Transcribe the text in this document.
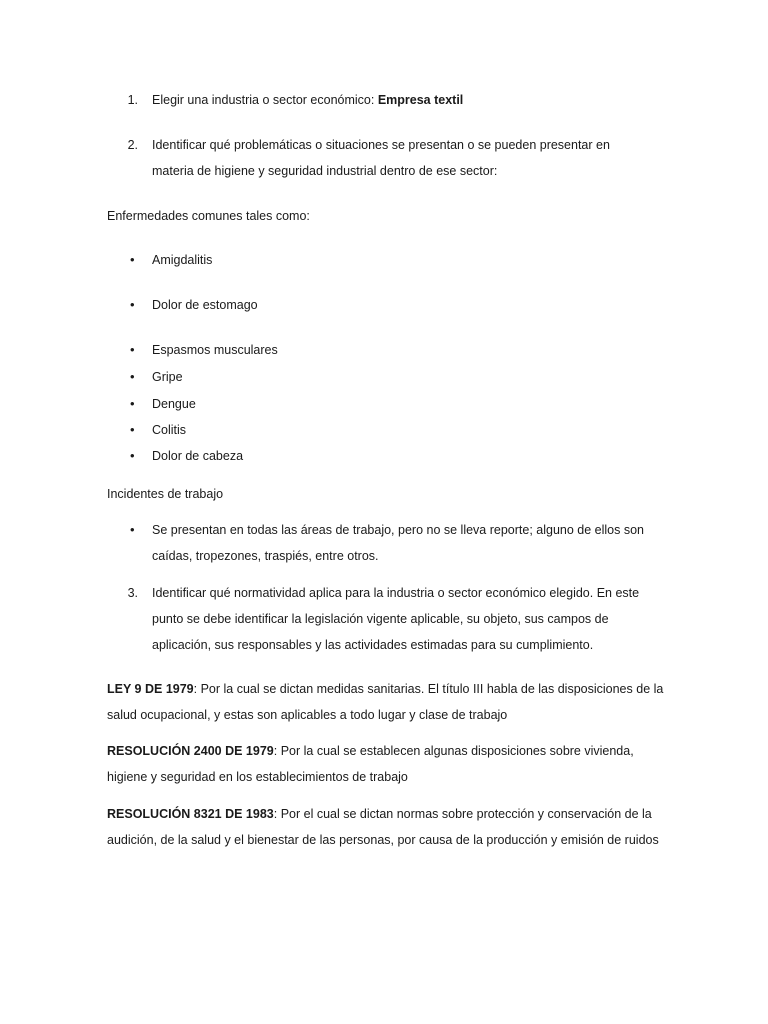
1. Elegir una industria o sector económico: Empresa textil
2. Identificar qué problemáticas o situaciones se presentan o se pueden presentar en
materia de higiene y seguridad industrial dentro de ese sector:
Enfermedades comunes tales como:
• Amigdalitis
• Dolor de estomago
• Espasmos musculares
• Gripe
• Dengue
• Colitis
• Dolor de cabeza
Incidentes de trabajo
• Se presentan en todas las áreas de trabajo, pero no se lleva reporte; alguno de ellos son
caídas, tropezones, traspiés, entre otros.
3. Identificar qué normatividad aplica para la industria o sector económico elegido. En este
punto se debe identificar la legislación vigente aplicable, su objeto, sus campos de
aplicación, sus responsables y las actividades estimadas para su cumplimiento.
LEY 9 DE 1979: Por la cual se dictan medidas sanitarias. El título III habla de las disposiciones de la
salud ocupacional, y estas son aplicables a todo lugar y clase de trabajo
RESOLUCIÓN 2400 DE 1979: Por la cual se establecen algunas disposiciones sobre vivienda,
higiene y seguridad en los establecimientos de trabajo
RESOLUCIÓN 8321 DE 1983: Por el cual se dictan normas sobre protección y conservación de la
audición, de la salud y el bienestar de las personas, por causa de la producción y emisión de ruidos
